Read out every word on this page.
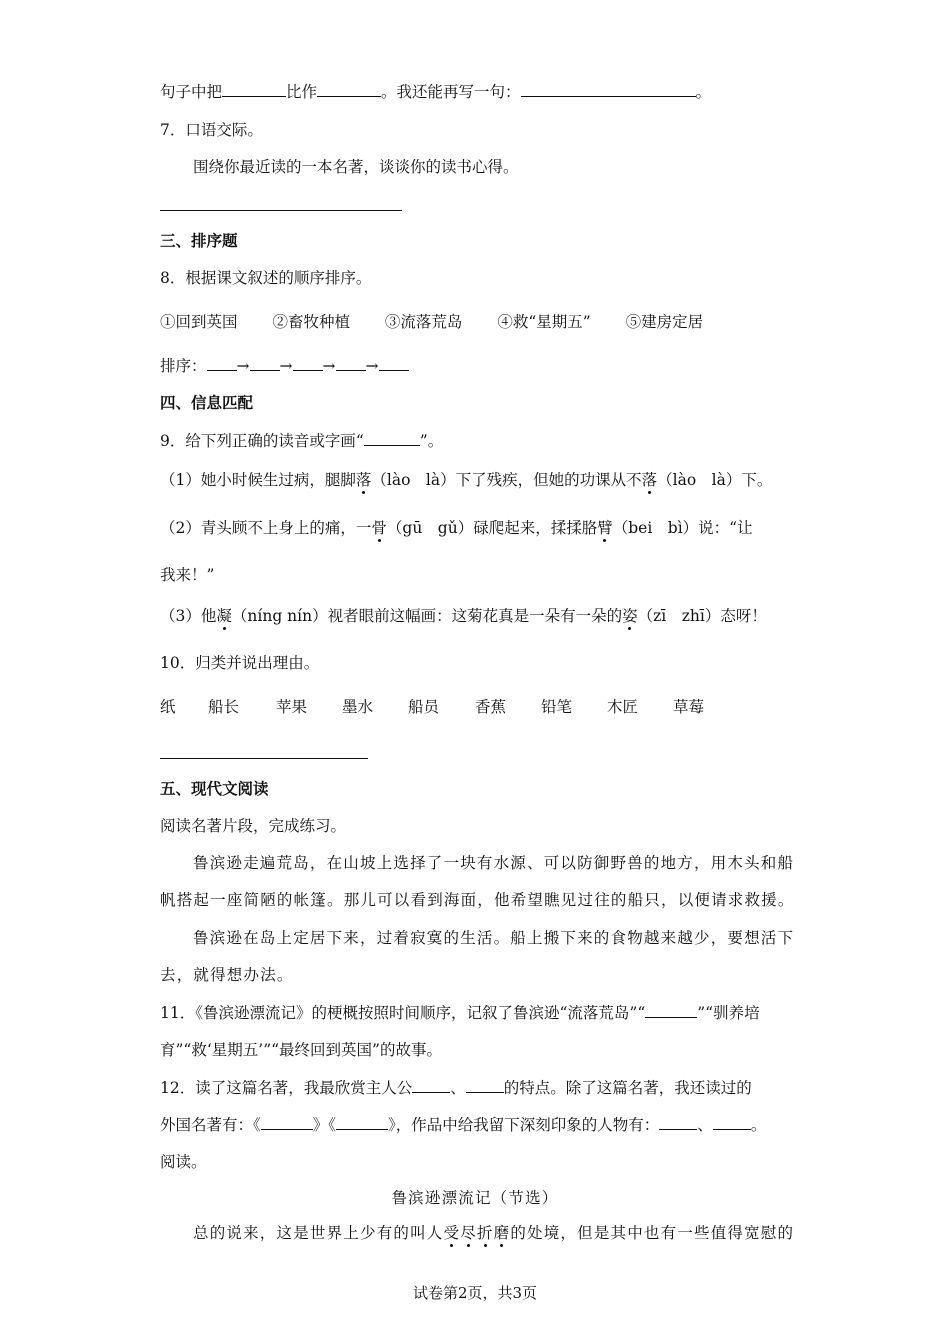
句子中把	比作	。我还能再写一句：	。
7．口语交际。
围绕你最近读的一本名著，谈谈你的读书心得。
三、排序题
8．根据课文叙述的顺序排序。
①回到英国 ②畜牧种植 ③流落荒岛 ④救“星期五” ⑤建房定居
排序： → → → →
四、信息匹配
9．给下列正确的读音或字画“	”。
（1）她小时候生过病，腿脚落（lào　là）下了残疾，但她的功课从不落（lào　là）下。
（2）青头顾不上身上的痛，一骨（gū　gǔ）碌爬起来，揉揉胳臂（bei　bì）说：“让
我来！”
（3）他凝（níng nín）视者眼前这幅画：这菊花真是一朵有一朵的姿（zī　zhī）态呀！
10．归类并说出理由。
纸 船长 苹果 墨水 船员 香蕉 铅笔 木匠 草莓
五、现代文阅读
阅读名著片段，完成练习。
鲁滨逊走遍荒岛，在山坡上选择了一块有水源、可以防御野兽的地方，用木头和船
帆搭起一座简陋的帐篷。那儿可以看到海面，他希望瞧见过往的船只，以便请求救援。
鲁滨逊在岛上定居下来，过着寂寞的生活。船上搬下来的食物越来越少，要想活下
去，就得想办法。
11．《鲁滨逊漂流记》的梗概按照时间顺序，记叙了鲁滨逊“流落荒岛”“	”“驯养培
育”“救‘星期五’”“最终回到英国”的故事。
12．读了这篇名著，我最欣赏主人公 、 的特点。除了这篇名著，我还读过的
外国名著有：《	》《	》，作品中给我留下深刻印象的人物有： 、 。
阅读。
鲁滨逊漂流记（节选）
总的说来，这是世界上少有的叫人受尽折磨的处境，但是其中也有一些值得宽慰的
试卷第2页，共3页
